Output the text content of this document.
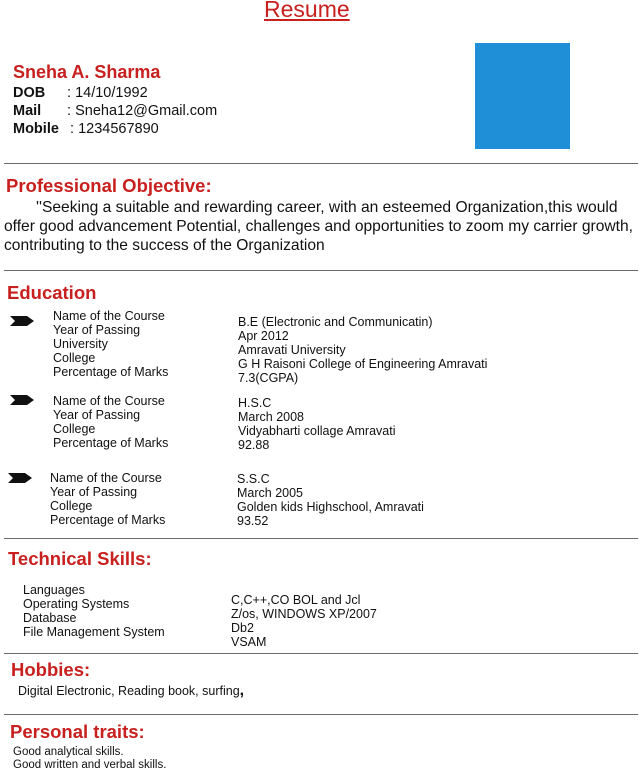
Resume
Sneha A. Sharma
DOB : 14/10/1992
Mail : Sneha12@Gmail.com
Mobile : 1234567890
Professional Objective:
''Seeking a suitable and rewarding career, with an esteemed Organization,this would offer good advancement Potential, challenges and opportunities to zoom my carrier growth, contributing to the success of the Organization
Education
Name of the Course
Year of Passing
University
College
Percentage of Marks
B.E (Electronic and Communicatin)
Apr 2012
Amravati University
G H Raisoni College of Engineering Amravati
7.3(CGPA)
Name of the Course
Year of Passing
College
Percentage of Marks
H.S.C
March 2008
Vidyabharti collage Amravati
92.88
Name of the Course
Year of Passing
College
Percentage of Marks
S.S.C
March 2005
Golden kids Highschool, Amravati
93.52
Technical Skills:
Languages
Operating Systems
Database
File Management System
C,C++,CO BOL and Jcl
Z/os, WINDOWS XP/2007
Db2
VSAM
Hobbies:
Digital Electronic, Reading book, surfing,
Personal traits:
Good analytical skills.
Good written and verbal skills.
